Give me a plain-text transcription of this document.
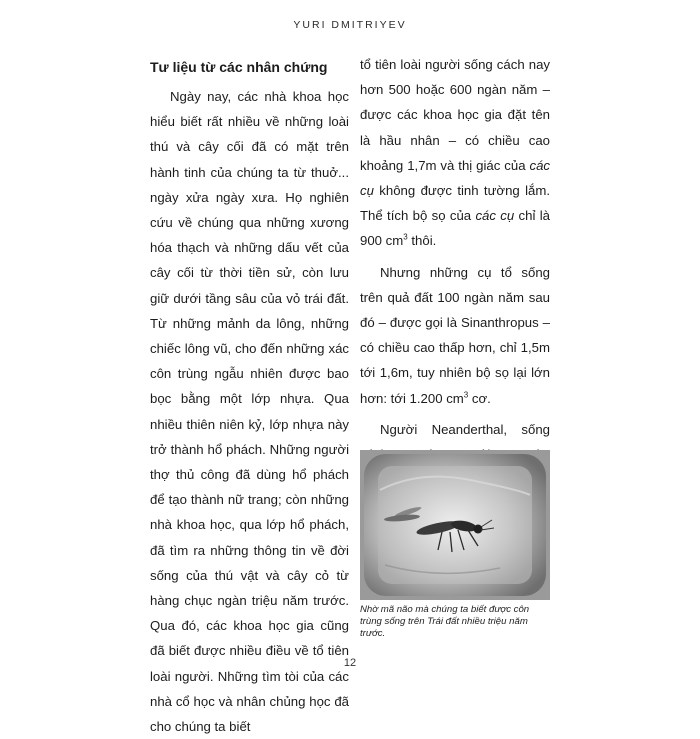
YURI DMITRIYEV

Tư liệu từ các nhân chứng

Ngày nay, các nhà khoa học hiểu biết rất nhiều về những loài thú và cây cối đã có mặt trên hành tinh của chúng ta từ thuở... ngày xửa ngày xưa. Họ nghiên cứu về chúng qua những xương hóa thạch và những dấu vết của cây cối từ thời tiền sử, còn lưu giữ dưới tầng sâu của vỏ trái đất. Từ những mảnh da lông, những chiếc lông vũ, cho đến những xác côn trùng ngẫu nhiên được bao bọc bằng một lớp nhựa. Qua nhiều thiên niên kỷ, lớp nhựa này trở thành hổ phách. Những người thợ thủ công đã dùng hổ phách để tạo thành nữ trang; còn những nhà khoa học, qua lớp hổ phách, đã tìm ra những thông tin về đời sống của thú vật và cây cỏ từ hàng chục ngàn triệu năm trước. Qua đó, các khoa học gia cũng đã biết được nhiều điều về tổ tiên loài người. Những tìm tòi của các nhà cổ học và nhân chủng học đã cho chúng ta biết

tổ tiên loài người sống cách nay hơn 500 hoặc 600 ngàn năm – được các khoa học gia đặt tên là hầu nhân – có chiều cao khoảng 1,7m và thị giác của các cụ không được tinh tường lắm. Thể tích bộ sọ của các cụ chỉ là 900 $cm^3$ thôi.

Nhưng những cụ tổ sống trên quả đất 100 ngàn năm sau đó – được gọi là Sinanthropus – có chiều cao thấp hơn, chỉ 1,5m tới 1,6m, tuy nhiên bộ sọ lại lớn hơn: tới 1.200 $cm^3$ cơ.

Người Neanderthal, sống

Nhờ mã não mà chúng ta biết được côn trùng sống trên Trái đất nhiều triệu năm trước.
12
